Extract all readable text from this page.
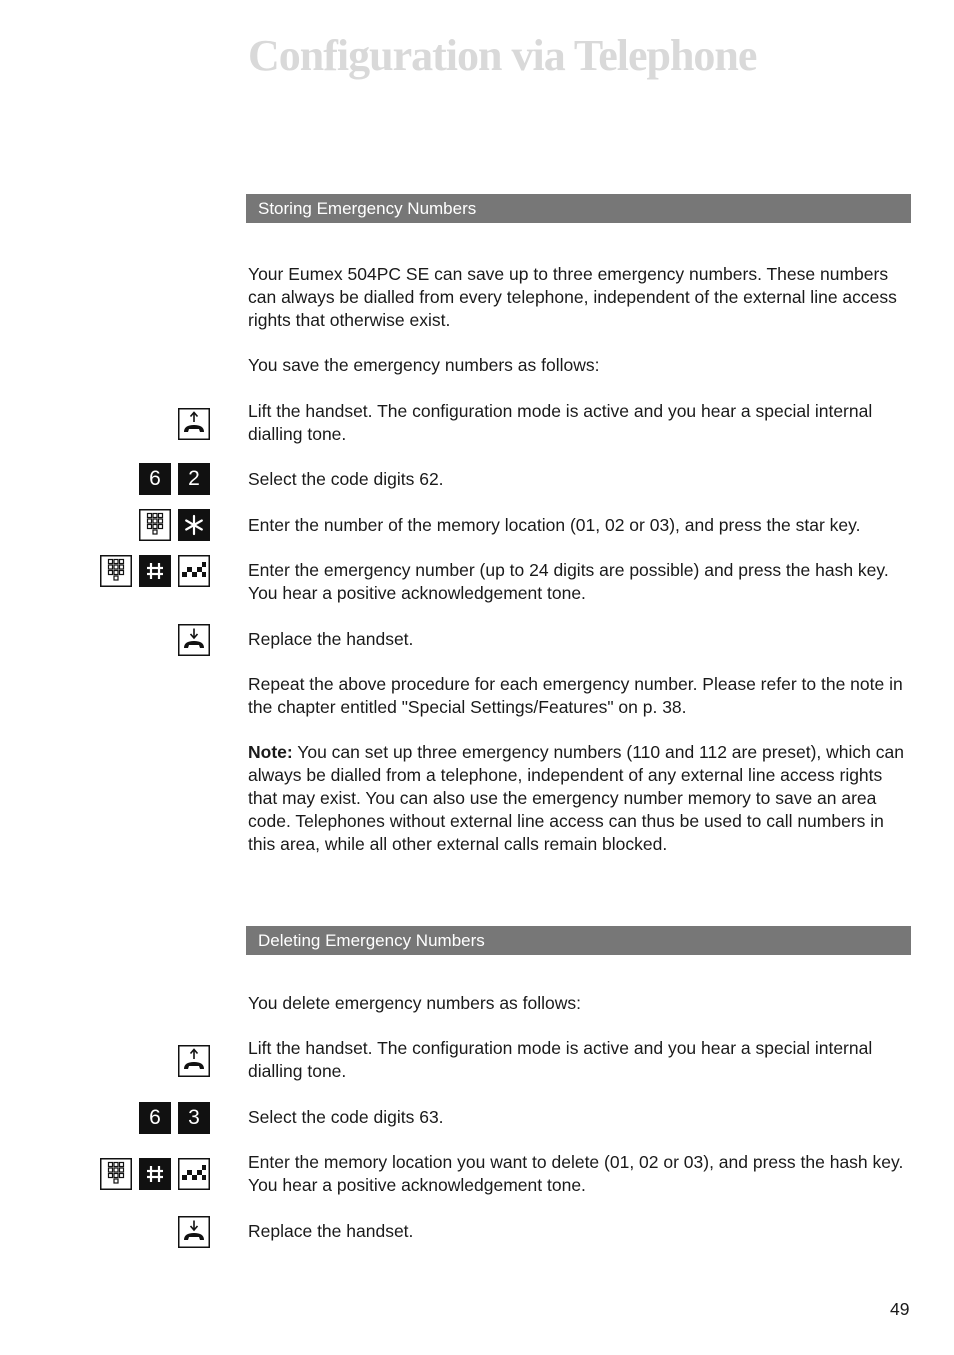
Configuration via Telephone
Storing Emergency Numbers
Your Eumex 504PC SE can save up to three emergency numbers. These numbers can always be dialled from every telephone, independent of the external line access rights that otherwise exist.
You save the emergency numbers as follows:
Lift the handset. The configuration mode is active and you hear a special internal dialling tone.
6	2	Select the code digits 62.
Enter the number of the memory location (01, 02 or 03), and press the star key.
Enter the emergency number (up to 24 digits are possible) and press the hash key. You hear a positive acknowledgement tone.
Replace the handset.
Repeat the above procedure for each emergency number. Please refer to the note in the chapter entitled "Special Settings/Features" on p. 38.
Note: You can set up three emergency numbers (110 and 112 are preset), which can always be dialled from a telephone, independent of any external line access rights that may exist. You can also use the emergency number memory to save an area code. Telephones without external line access can thus be used to call numbers in this area, while all other external calls remain blocked.
Deleting Emergency Numbers
You delete emergency numbers as follows:
Lift the handset. The configuration mode is active and you hear a special internal dialling tone.
6	3	Select the code digits 63.
Enter the memory location you want to delete (01, 02 or 03), and press the hash key. You hear a positive acknowledgement tone.
Replace the handset.
49
